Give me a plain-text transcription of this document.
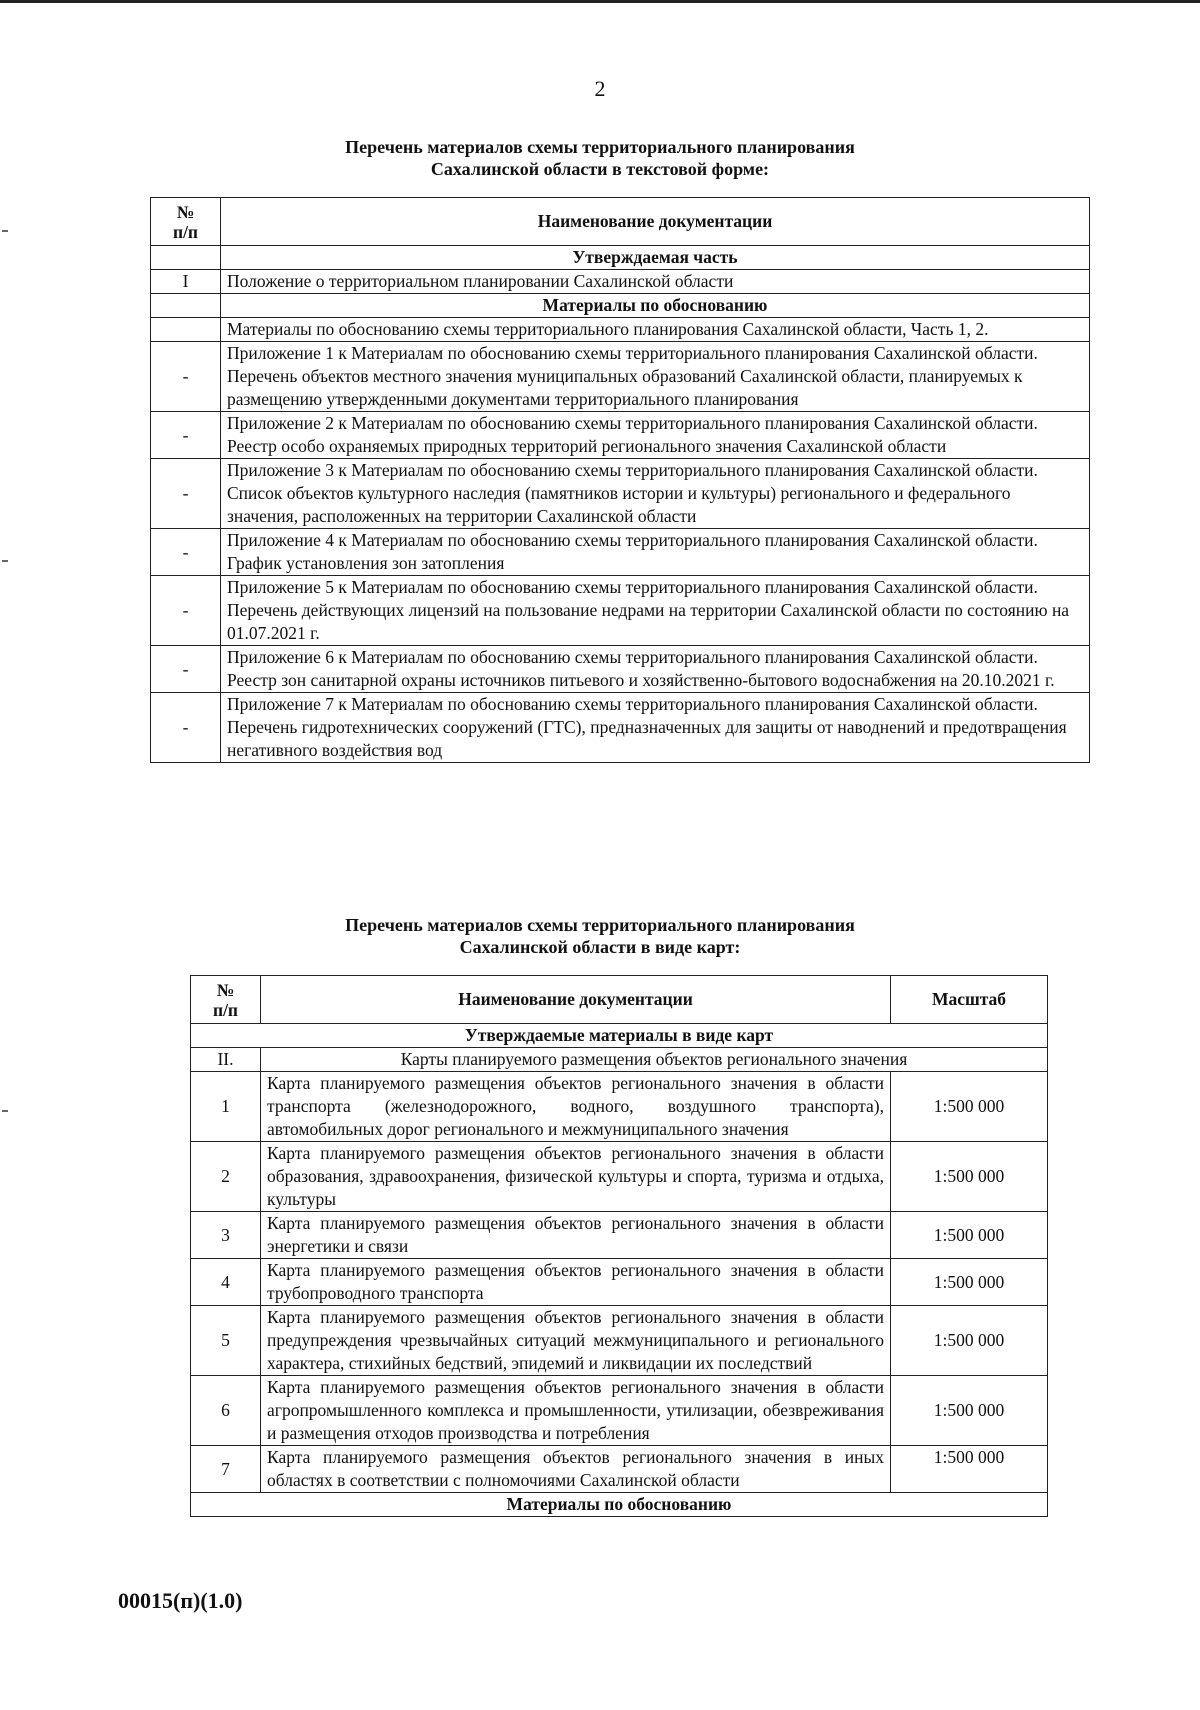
2
Перечень материалов схемы территориального планирования
Сахалинской области в текстовой форме:
№
п/п	Наименование документации
	Утверждаемая часть
I	Положение о территориальном планировании Сахалинской области
	Материалы по обоснованию
	Материалы по обоснованию схемы территориального планирования Сахалинской области, Часть 1, 2.
-	Приложение 1 к Материалам по обоснованию схемы территориального планирования Сахалинской области. Перечень объектов местного значения муниципальных образований Сахалинской области, планируемых к размещению утвержденными документами территориального планирования
-	Приложение 2 к Материалам по обоснованию схемы территориального планирования Сахалинской области. Реестр особо охраняемых природных территорий регионального значения Сахалинской области
-	Приложение 3 к Материалам по обоснованию схемы территориального планирования Сахалинской области. Список объектов культурного наследия (памятников истории и культуры) регионального и федерального значения, расположенных на территории Сахалинской области
-	Приложение 4 к Материалам по обоснованию схемы территориального планирования Сахалинской области. График установления зон затопления
-	Приложение 5 к Материалам по обоснованию схемы территориального планирования Сахалинской области. Перечень действующих лицензий на пользование недрами на территории Сахалинской области по состоянию на 01.07.2021 г.
-	Приложение 6 к Материалам по обоснованию схемы территориального планирования Сахалинской области. Реестр зон санитарной охраны источников питьевого и хозяйственно-бытового водоснабжения на 20.10.2021 г.
-	Приложение 7 к Материалам по обоснованию схемы территориального планирования Сахалинской области. Перечень гидротехнических сооружений (ГТС), предназначенных для защиты от наводнений и предотвращения негативного воздействия вод
Перечень материалов схемы территориального планирования
Сахалинской области в виде карт:
№
п/п	Наименование документации	Масштаб
Утверждаемые материалы в виде карт		
II.	Карты планируемого размещения объектов регионального значения	
1	Карта планируемого размещения объектов регионального значения в области транспорта (железнодорожного, водного, воздушного транспорта), автомобильных дорог регионального и межмуниципального значения	1:500 000
2	Карта планируемого размещения объектов регионального значения в области образования, здравоохранения, физической культуры и спорта, туризма и отдыха, культуры	1:500 000
3	Карта планируемого размещения объектов регионального значения в области энергетики и связи	1:500 000
4	Карта планируемого размещения объектов регионального значения в области трубопроводного транспорта	1:500 000
5	Карта планируемого размещения объектов регионального значения в области предупреждения чрезвычайных ситуаций межмуниципального и регионального характера, стихийных бедствий, эпидемий и ликвидации их последствий	1:500 000
6	Карта планируемого размещения объектов регионального значения в области агропромышленного комплекса и промышленности, утилизации, обезвреживания и размещения отходов производства и потребления	1:500 000
7	Карта планируемого размещения объектов регионального значения в иных областях в соответствии с полномочиями Сахалинской области	1:500 000
Материалы по обоснованию		
00015(п)(1.0)
